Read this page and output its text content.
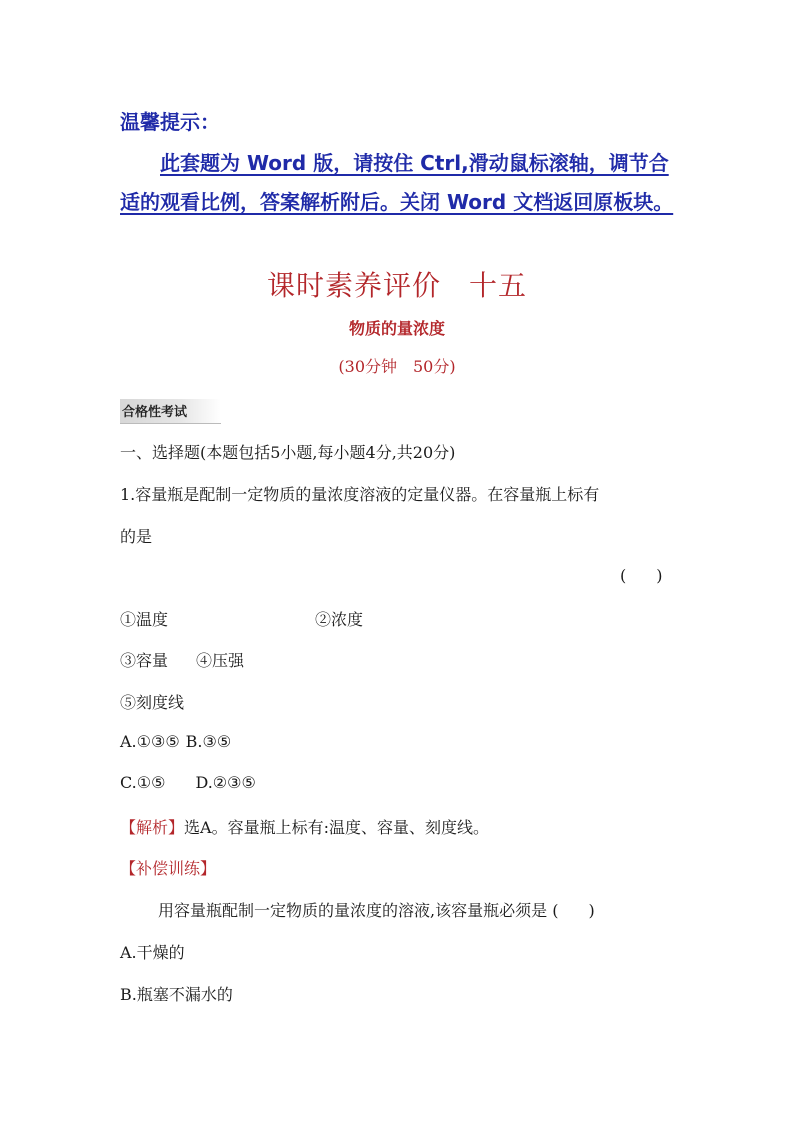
温馨提示：
此套题为 Word 版，请按住 Ctrl,滑动鼠标滚轴，调节合适的观看比例，答案解析附后。关闭 Word 文档返回原板块。
课时素养评价 十五
物质的量浓度
(30分钟 50分)
合格性考试
一、选择题(本题包括5小题,每小题4分,共20分)
1.容量瓶是配制一定物质的量浓度溶液的定量仪器。在容量瓶上标有
的是
( )
①温度	②浓度
③容量 ④压强
⑤刻度线
A.①③⑤ B.③⑤
C.①⑤ D.②③⑤
【解析】选A。容量瓶上标有:温度、容量、刻度线。
【补偿训练】
用容量瓶配制一定物质的量浓度的溶液,该容量瓶必须是 ( )
A.干燥的
B.瓶塞不漏水的
